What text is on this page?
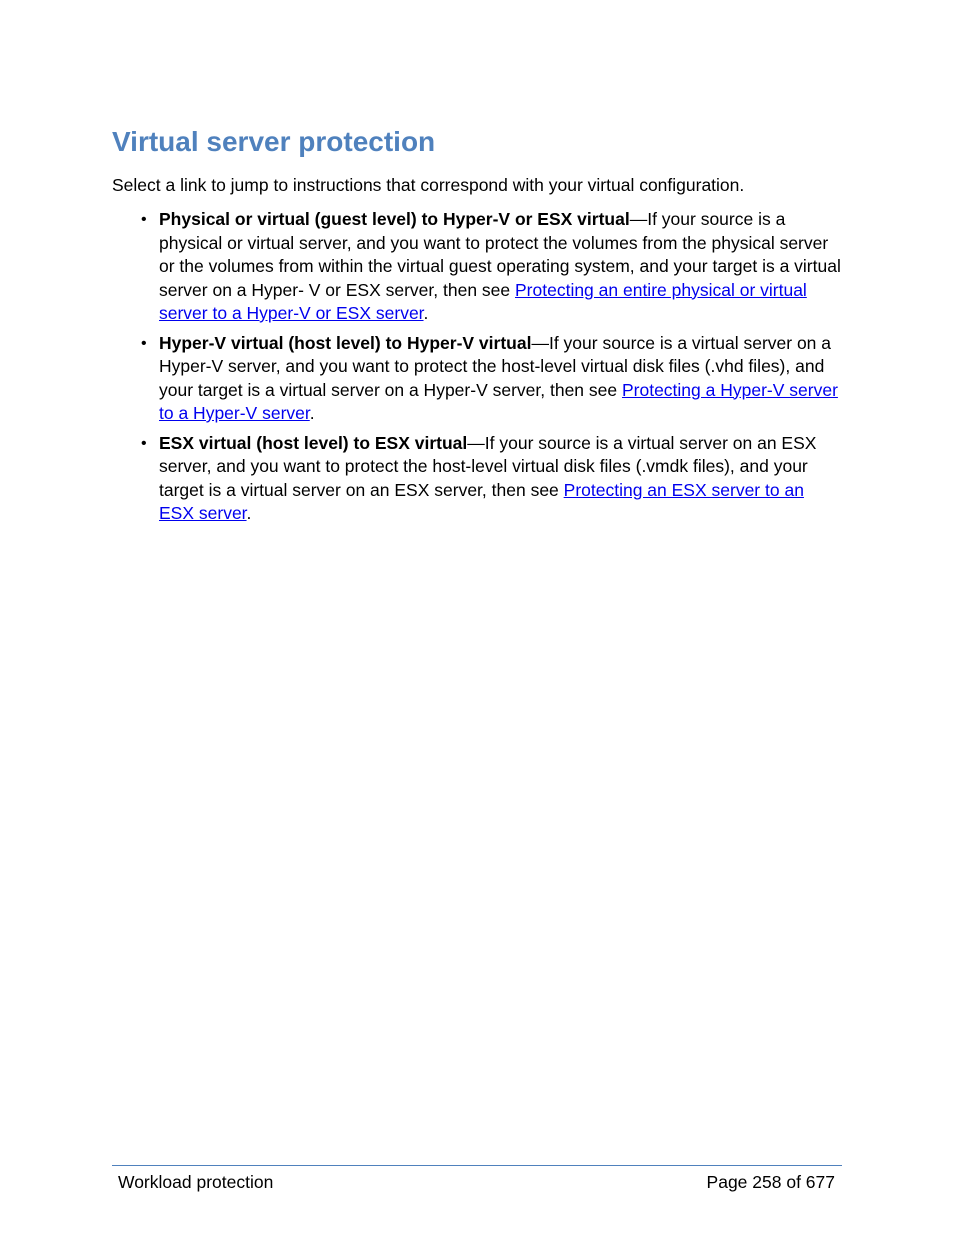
Virtual server protection

Select a link to jump to instructions that correspond with your virtual configuration.

• Physical or virtual (guest level) to Hyper-V or ESX virtual—If your source is a physical or virtual server, and you want to protect the volumes from the physical server or the volumes from within the virtual guest operating system, and your target is a virtual server on a Hyper- V or ESX server, then see Protecting an entire physical or virtual server to a Hyper-V or ESX server.
• Hyper-V virtual (host level) to Hyper-V virtual—If your source is a virtual server on a Hyper-V server, and you want to protect the host-level virtual disk files (.vhd files), and your target is a virtual server on a Hyper-V server, then see Protecting a Hyper-V server to a Hyper-V server.
• ESX virtual (host level) to ESX virtual—If your source is a virtual server on an ESX server, and you want to protect the host-level virtual disk files (.vmdk files), and your target is a virtual server on an ESX server, then see Protecting an ESX server to an ESX server.
Workload protection	Page 258 of 677
